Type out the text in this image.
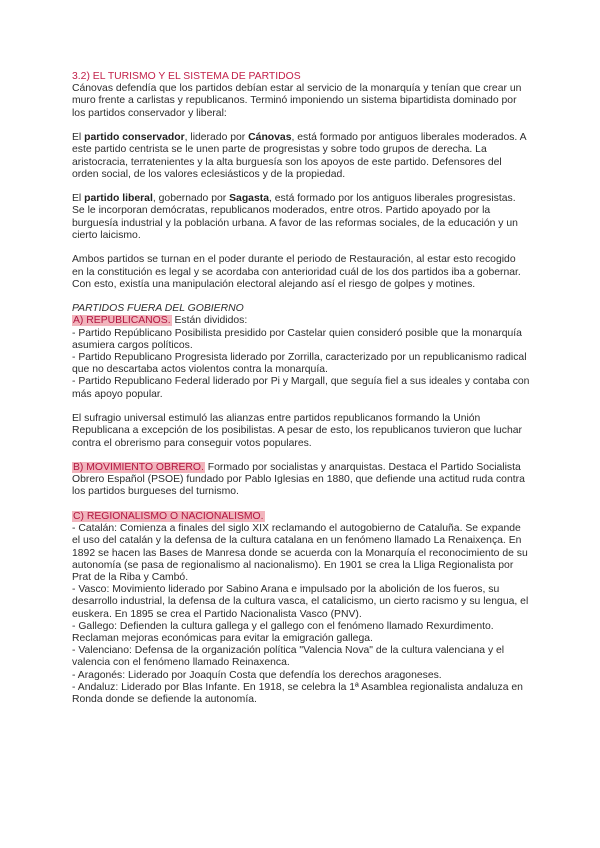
3.2) EL TURISMO Y EL SISTEMA DE PARTIDOS

Cánovas defendía que los partidos debían estar al servicio de la monarquía y tenían que crear un muro frente a carlistas y republicanos. Terminó imponiendo un sistema bipartidista dominado por los partidos conservador y liberal:

El partido conservador, liderado por Cánovas, está formado por antiguos liberales moderados. A este partido centrista se le unen parte de progresistas y sobre todo grupos de derecha. La aristocracia, terratenientes y la alta burguesía son los apoyos de este partido. Defensores del orden social, de los valores eclesiásticos y de la propiedad.

El partido liberal, gobernado por Sagasta, está formado por los antiguos liberales progresistas. Se le incorporan demócratas, republicanos moderados, entre otros. Partido apoyado por la burguesía industrial y la población urbana. A favor de las reformas sociales, de la educación y un cierto laicismo.

Ambos partidos se turnan en el poder durante el periodo de Restauración, al estar esto recogido en la constitución es legal y se acordaba con anterioridad cuál de los dos partidos iba a gobernar. Con esto, existía una manipulación electoral alejando así el riesgo de golpes y motines.

PARTIDOS FUERA DEL GOBIERNO

A) REPUBLICANOS. Están divididos:

- Partido Repúblicano Posibilista presidido por Castelar quien consideró posible que la monarquía asumiera cargos políticos.

- Partido Republicano Progresista liderado por Zorrilla, caracterizado por un republicanismo radical que no descartaba actos violentos contra la monarquía.

- Partido Republicano Federal liderado por Pi y Margall, que seguía fiel a sus ideales y contaba con más apoyo popular.

El sufragio universal estimuló las alianzas entre partidos republicanos formando la Unión Republicana a excepción de los posibilistas. A pesar de esto, los republicanos tuvieron que luchar contra el obrerismo para conseguir votos populares.

B) MOVIMIENTO OBRERO. Formado por socialistas y anarquistas. Destaca el Partido Socialista Obrero Español (PSOE) fundado por Pablo Iglesias en 1880, que defiende una actitud ruda contra los partidos burgueses del turnismo.

C) REGIONALISMO O NACIONALISMO.

- Catalán: Comienza a finales del siglo XIX reclamando el autogobierno de Cataluña. Se expande el uso del catalán y la defensa de la cultura catalana en un fenómeno llamado La Renaixença. En 1892 se hacen las Bases de Manresa donde se acuerda con la Monarquía el reconocimiento de su autonomía (se pasa de regionalismo al nacionalismo). En 1901 se crea la Lliga Regionalista por Prat de la Riba y Cambó.

- Vasco: Movimiento liderado por Sabino Arana e impulsado por la abolición de los fueros, su desarrollo industrial, la defensa de la cultura vasca, el catalicismo, un cierto racismo y su lengua, el euskera. En 1895 se crea el Partido Nacionalista Vasco (PNV).

- Gallego: Defienden la cultura gallega y el gallego con el fenómeno llamado Rexurdimento. Reclaman mejoras económicas para evitar la emigración gallega.

- Valenciano: Defensa de la organización política "Valencia Nova" de la cultura valenciana y el valencia con el fenómeno llamado Reinaxenca.

- Aragonés: Liderado por Joaquín Costa que defendía los derechos aragoneses.

- Andaluz: Liderado por Blas Infante. En 1918, se celebra la 1ª Asamblea regionalista andaluza en Ronda donde se defiende la autonomía.
